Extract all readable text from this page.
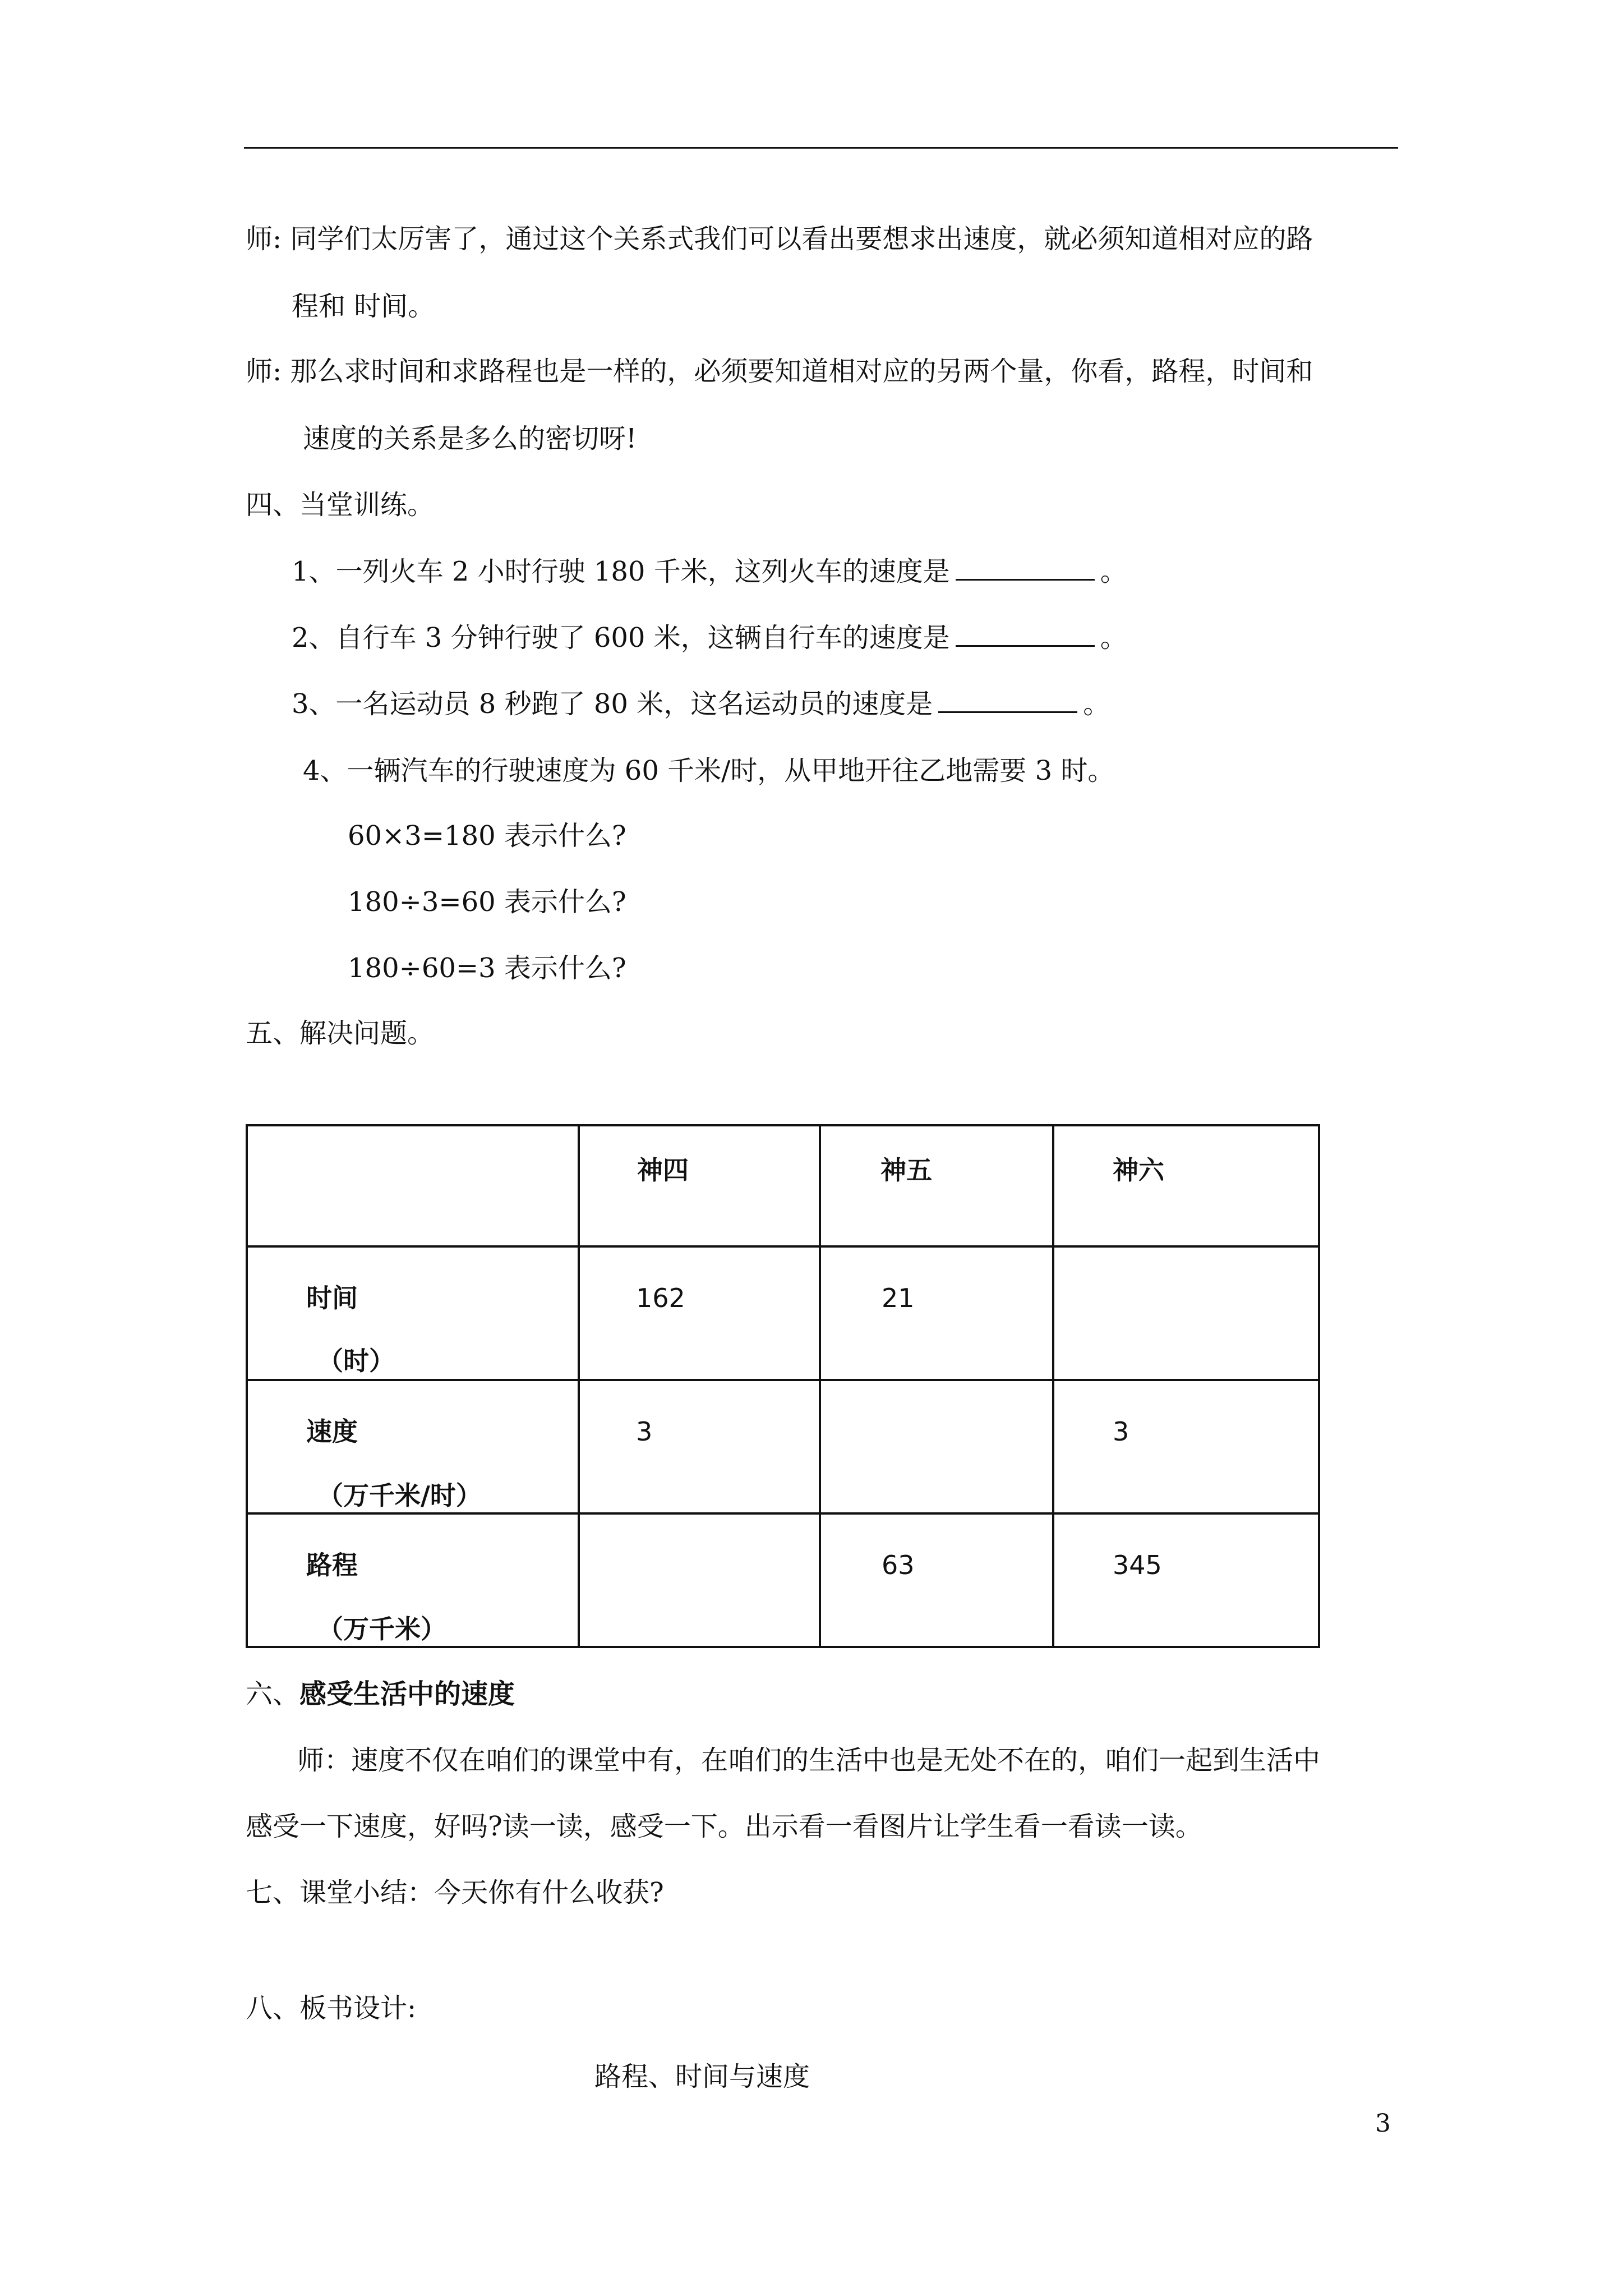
师: 同学们太厉害了，通过这个关系式我们可以看出要想求出速度，就必须知道相对应的路
程和 时间。
师: 那么求时间和求路程也是一样的，必须要知道相对应的另两个量，你看，路程，时间和
速度的关系是多么的密切呀!
四、当堂训练。
1、一列火车 2 小时行驶 180 千米，这列火车的速度是	。
2、自行车 3 分钟行驶了 600 米，这辆自行车的速度是	。
3、一名运动员 8 秒跑了 80 米，这名运动员的速度是	。
4、一辆汽车的行驶速度为 60 千米/时，从甲地开往乙地需要 3 时。
60×3=180 表示什么?
180÷3=60 表示什么?
180÷60=3 表示什么?
五、解决问题。

	神四	神五	神六

时间
（时）	162	21	

速度
（万千米/时）	3		3

路程
（万千米）		63	345
六、感受生活中的速度
师：速度不仅在咱们的课堂中有，在咱们的生活中也是无处不在的，咱们一起到生活中
感受一下速度，好吗?读一读，感受一下。出示看一看图片让学生看一看读一读。
七、课堂小结：今天你有什么收获?
八、板书设计:
路程、时间与速度
3
